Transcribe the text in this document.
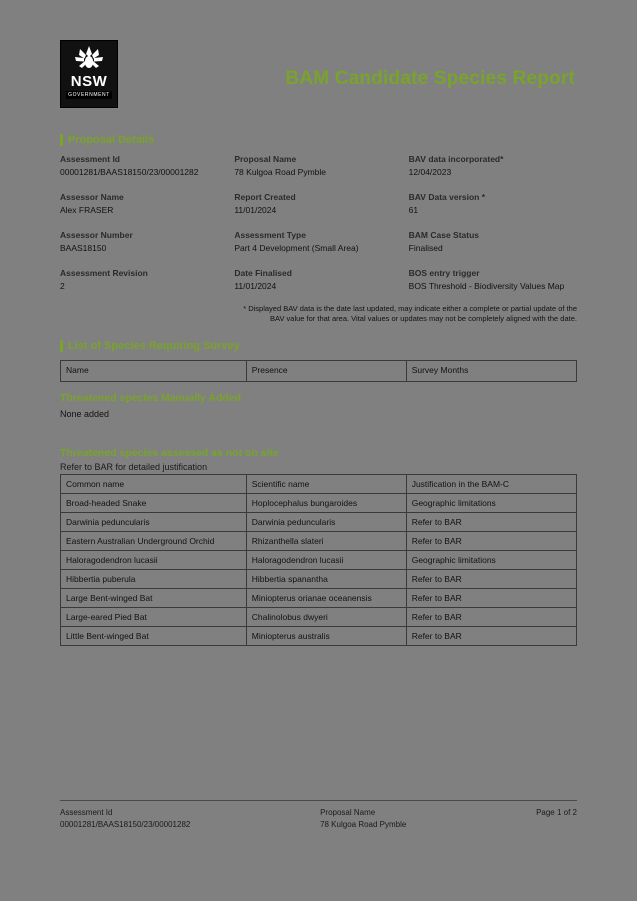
NSW
GOVERNMENT
BAM Candidate Species Report
Proposal Details
Assessment Id
00001281/BAAS18150/23/00001282
Proposal Name
78 Kulgoa Road Pymble
BAV data incorporated*
12/04/2023
Assessor Name
Alex FRASER
Report Created
11/01/2024
BAV Data version *
61
Assessor Number
BAAS18150
Assessment Type
Part 4 Development (Small Area)
BAM Case Status
Finalised
Assessment Revision
2
Date Finalised
11/01/2024
BOS entry trigger
BOS Threshold - Biodiversity Values Map
* Displayed BAV data is the date last updated, may indicate either a complete or partial update of the BAV value for that area. Vital values or updates may not be completely aligned with the date.
List of Species Requiring Survey
Name	Presence	Survey Months
Threatened species Manually Added
None added
Threatened species assessed as not on site
Refer to BAR for detailed justification
Common name	Scientific name	Justification in the BAM-C
Broad-headed Snake	Hoplocephalus bungaroides	Geographic limitations
Darwinia peduncularis	Darwinia peduncularis	Refer to BAR
Eastern Australian Underground Orchid	Rhizanthella slateri	Refer to BAR
Haloragodendron lucasii	Haloragodendron lucasii	Geographic limitations
Hibbertia puberula	Hibbertia spanantha	Refer to BAR
Large Bent-winged Bat	Miniopterus orianae oceanensis	Refer to BAR
Large-eared Pied Bat	Chalinolobus dwyeri	Refer to BAR
Little Bent-winged Bat	Miniopterus australis	Refer to BAR
Assessment Id
00001281/BAAS18150/23/00001282
Proposal Name
78 Kulgoa Road Pymble
Page 1 of 2
